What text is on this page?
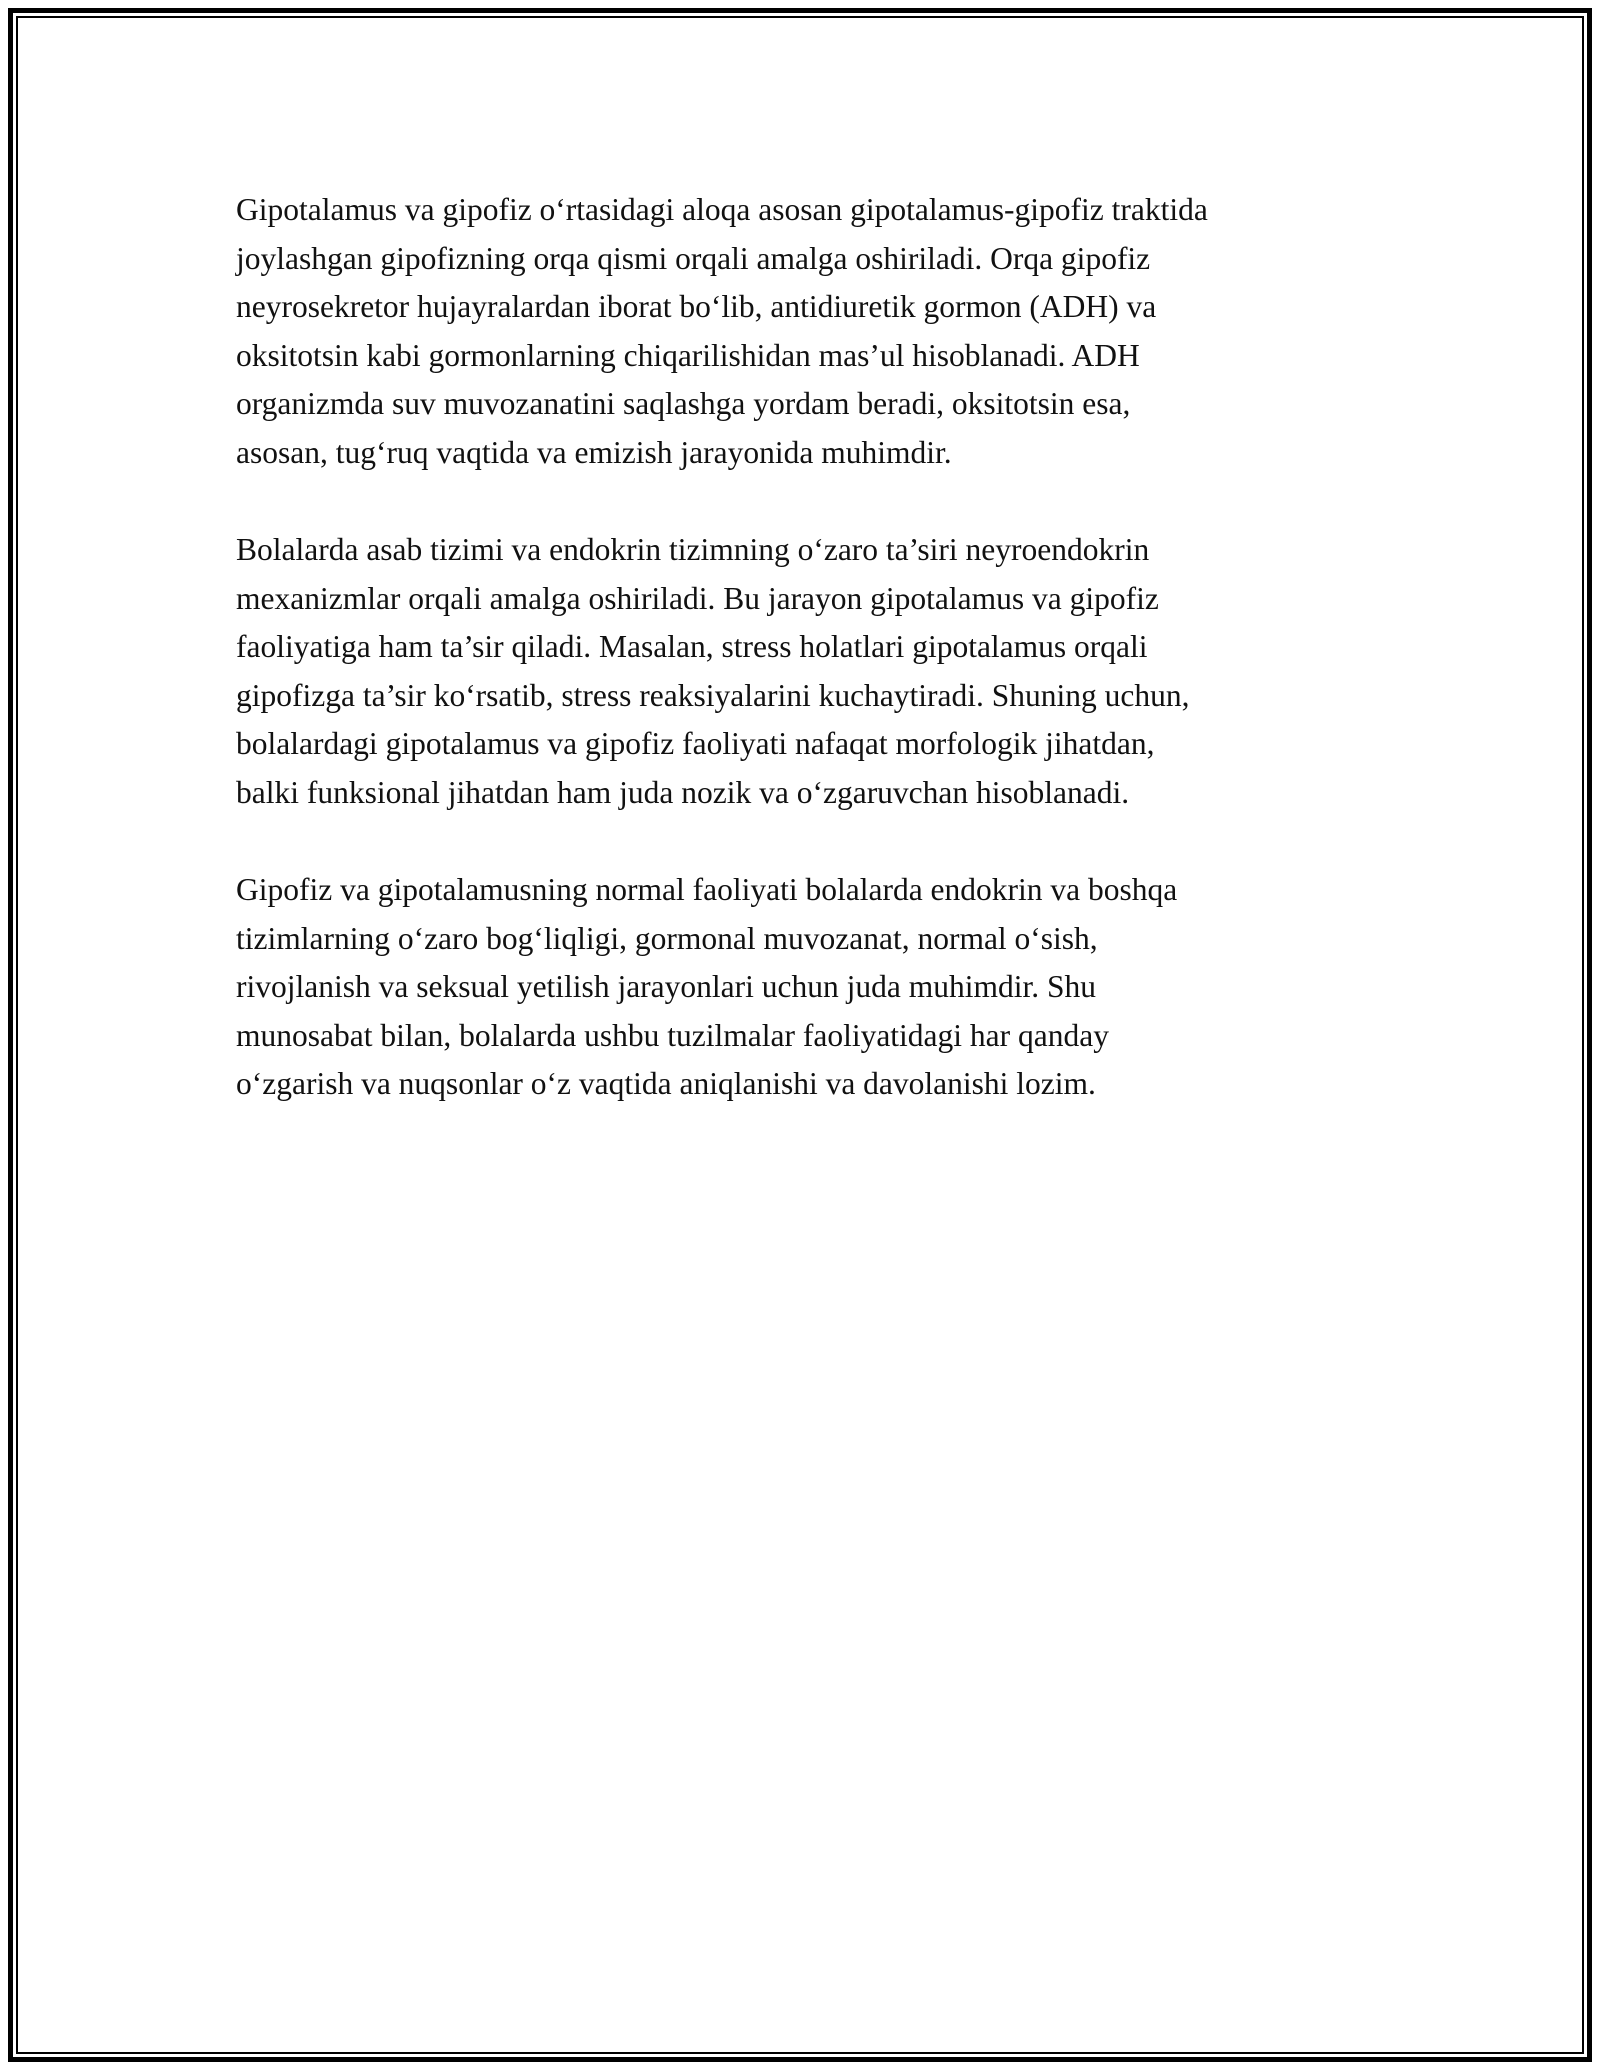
Gipotalamus va gipofiz o‘rtasidagi aloqa asosan gipotalamus-gipofiz traktida
joylashgan gipofizning orqa qismi orqali amalga oshiriladi. Orqa gipofiz
neyrosekretor hujayralardan iborat bo‘lib, antidiuretik gormon (ADH) va
oksitotsin kabi gormonlarning chiqarilishidan mas’ul hisoblanadi. ADH
organizmda suv muvozanatini saqlashga yordam beradi, oksitotsin esa,
asosan, tug‘ruq vaqtida va emizish jarayonida muhimdir.

Bolalarda asab tizimi va endokrin tizimning o‘zaro ta’siri neyroendokrin
mexanizmlar orqali amalga oshiriladi. Bu jarayon gipotalamus va gipofiz
faoliyatiga ham ta’sir qiladi. Masalan, stress holatlari gipotalamus orqali
gipofizga ta’sir ko‘rsatib, stress reaksiyalarini kuchaytiradi. Shuning uchun,
bolalardagi gipotalamus va gipofiz faoliyati nafaqat morfologik jihatdan,
balki funksional jihatdan ham juda nozik va o‘zgaruvchan hisoblanadi.

Gipofiz va gipotalamusning normal faoliyati bolalarda endokrin va boshqa
tizimlarning o‘zaro bog‘liqligi, gormonal muvozanat, normal o‘sish,
rivojlanish va seksual yetilish jarayonlari uchun juda muhimdir. Shu
munosabat bilan, bolalarda ushbu tuzilmalar faoliyatidagi har qanday
o‘zgarish va nuqsonlar o‘z vaqtida aniqlanishi va davolanishi lozim.
